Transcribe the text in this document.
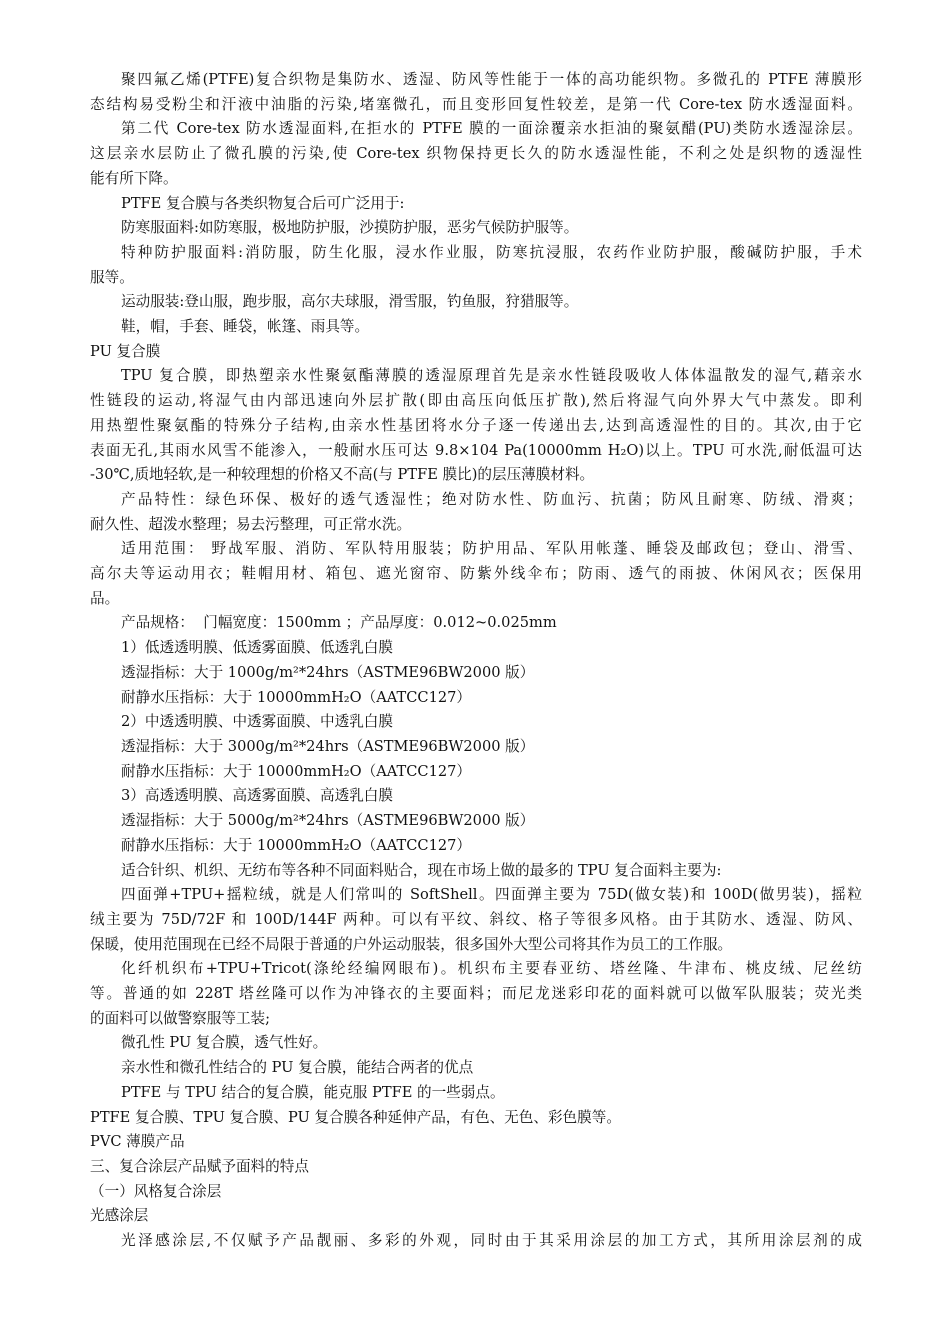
聚四氟乙烯(PTFE)复合织物是集防水、透湿、防风等性能于一体的高功能织物。多微孔的 PTFE 薄膜形

态结构易受粉尘和汗液中油脂的污染,堵塞微孔，而且变形回复性较差，是第一代 Core-tex 防水透湿面料。

第二代 Core-tex 防水透湿面料,在拒水的 PTFE 膜的一面涂覆亲水拒油的聚氨醋(PU)类防水透湿涂层。

这层亲水层防止了微孔膜的污染,使 Core-tex 织物保持更长久的防水透湿性能，不利之处是织物的透湿性

能有所下降。

PTFE 复合膜与各类织物复合后可广泛用于:

防寒服面料:如防寒服，极地防护服，沙摸防护服，恶劣气候防护服等。

特种防护服面料:消防服，防生化服，浸水作业服，防寒抗浸服，农药作业防护服，酸碱防护服，手术

服等。

运动服装:登山服，跑步服，高尔夫球服，滑雪服，钓鱼服，狩猎服等。

鞋，帽，手套、睡袋，帐篷、雨具等。

PU 复合膜

TPU 复合膜，即热塑亲水性聚氨酯薄膜的透湿原理首先是亲水性链段吸收人体体温散发的湿气,藉亲水

性链段的运动,将湿气由内部迅速向外层扩散(即由高压向低压扩散),然后将湿气向外界大气中蒸发。即利

用热塑性聚氨酯的特殊分子结构,由亲水性基团将水分子逐一传递出去,达到高透湿性的目的。其次,由于它

表面无孔,其雨水风雪不能渗入，一般耐水压可达 9.8×104 Pa(10000mm H₂O)以上。TPU 可水洗,耐低温可达

-30℃,质地轻软,是一种较理想的价格又不高(与 PTFE 膜比)的层压薄膜材料。

产品特性：绿色环保、极好的透气透湿性；绝对防水性、防血污、抗菌；防风且耐寒、防绒、滑爽；

耐久性、超泼水整理；易去污整理，可正常水洗。

适用范围： 野战军服、消防、军队特用服装；防护用品、军队用帐蓬、睡袋及邮政包；登山、滑雪、

高尔夫等运动用衣；鞋帽用材、箱包、遮光窗帘、防紫外线伞布；防雨、透气的雨披、休闲风衣；医保用

品。

产品规格：  门幅宽度：1500mm ；产品厚度：0.012~0.025mm

1）低透透明膜、低透雾面膜、低透乳白膜

透湿指标：大于 1000g/m²*24hrs（ASTME96BW2000 版）

耐静水压指标：大于 10000mmH₂O（AATCC127）

2）中透透明膜、中透雾面膜、中透乳白膜

透湿指标：大于 3000g/m²*24hrs（ASTME96BW2000 版）

耐静水压指标：大于 10000mmH₂O（AATCC127）

3）高透透明膜、高透雾面膜、高透乳白膜

透湿指标：大于 5000g/m²*24hrs（ASTME96BW2000 版）

耐静水压指标：大于 10000mmH₂O（AATCC127）

适合针织、机织、无纺布等各种不同面料贴合，现在市场上做的最多的 TPU 复合面料主要为:

四面弹+TPU+摇粒绒，就是人们常叫的 SoftShell。四面弹主要为 75D(做女装)和 100D(做男装)，摇粒

绒主要为 75D/72F 和 100D/144F 两种。可以有平纹、斜纹、格子等很多风格。由于其防水、透湿、防风、

保暖，使用范围现在已经不局限于普通的户外运动服装，很多国外大型公司将其作为员工的工作服。

化纤机织布+TPU+Tricot(涤纶经编网眼布)。机织布主要春亚纺、塔丝隆、牛津布、桃皮绒、尼丝纺

等。普通的如 228T 塔丝隆可以作为冲锋衣的主要面料；而尼龙迷彩印花的面料就可以做军队服装；荧光类

的面料可以做警察服等工装;

微孔性 PU 复合膜，透气性好。

亲水性和微孔性结合的 PU 复合膜，能结合两者的优点

PTFE 与 TPU 结合的复合膜，能克服 PTFE 的一些弱点。

PTFE 复合膜、TPU 复合膜、PU 复合膜各种延伸产品，有色、无色、彩色膜等。

PVC 薄膜产品

三、复合涂层产品赋予面料的特点

（一）风格复合涂层

光感涂层

光泽感涂层,不仅赋予产品靓丽、多彩的外观，同时由于其采用涂层的加工方式，其所用涂层剂的成
